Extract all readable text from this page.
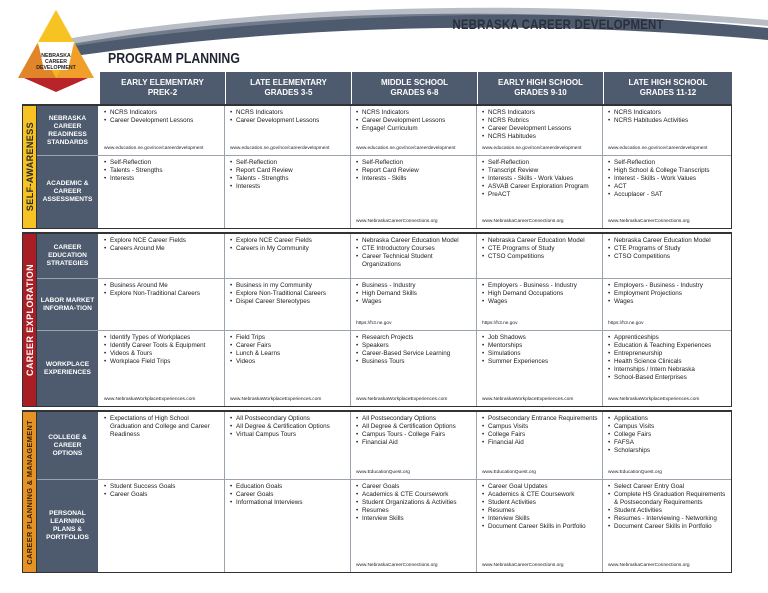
NEBRASKA
CAREER
DEVELOPMENT
NEBRASKA CAREER DEVELOPMENT
PROGRAM PLANNING
EARLY ELEMENTARY
PREK-2
LATE ELEMENTARY
GRADES 3-5
MIDDLE SCHOOL
GRADES 6-8
EARLY HIGH SCHOOL
GRADES 9-10
LATE HIGH SCHOOL
GRADES 11-12
SELF-AWARENESS
NEBRASKA CAREER READINESS STANDARDS
• NCRS Indicators
• Career Development Lessons
www.education.ne.gov/nce/careerdevelopment
• NCRS Indicators
• Career Development Lessons
www.education.ne.gov/nce/careerdevelopment
• NCRS Indicators
• Career Development Lessons
• Engage! Curriculum
www.education.ne.gov/nce/careerdevelopment
• NCRS Indicators
• NCRS Rubrics
• Career Development Lessons
• NCRS Habitudes
www.education.ne.gov/nce/careerdevelopment
• NCRS Indicators
• NCRS Habitudes Activities
www.education.ne.gov/nce/careerdevelopment
ACADEMIC & CAREER ASSESSMENTS
• Self-Reflection
• Talents - Strengths
• Interests
• Self-Reflection
• Report Card Review
• Talents - Strengths
• Interests
• Self-Reflection
• Report Card Review
• Interests - Skills
www.NebraskaCareerConnections.org
• Self-Reflection
• Transcript Review
• Interests - Skills - Work Values
• ASVAB Career Exploration Program
• PreACT
www.NebraskaCareerConnections.org
• Self-Reflection
• High School & College Transcripts
• Interest - Skills - Work Values
• ACT
• Accuplacer - SAT
www.NebraskaCareerConnections.org
CAREER EXPLORATION
CAREER EDUCATION STRATEGIES
• Explore NCE Career Fields
• Careers Around Me
• Explore NCE Career Fields
• Careers in My Community
• Nebraska Career Education Model
• CTE Introductory Courses
• Career Technical Student Organizations
• Nebraska Career Education Model
• CTE Programs of Study
• CTSO Competitions
• Nebraska Career Education Model
• CTE Programs of Study
• CTSO Competitions
LABOR MARKET INFORMA-TION
• Business Around Me
• Explore Non-Traditional Careers
• Business in my Community
• Explore Non-Traditional Careers
• Dispel Career Stereotypes
• Business - Industry
• High Demand Skills
• Wages
https://h3.ne.gov
• Employers - Business - Industry
• High Demand Occupations
• Wages
https://h3.ne.gov
• Employers - Business - Industry
• Employment Projections
• Wages
https://h3.ne.gov
WORKPLACE EXPERIENCES
• Identify Types of Workplaces
• Identify Career Tools & Equipment
• Videos & Tours
• Workplace Field Trips
www.NebraskaWorkplaceExperiences.com
• Field Trips
• Career Fairs
• Lunch & Learns
• Videos
www.NebraskaWorkplaceExperiences.com
• Research Projects
• Speakers
• Career-Based Service Learning
• Business Tours
www.NebraskaWorkplaceExperiences.com
• Job Shadows
• Mentorships
• Simulations
• Summer Experiences
www.NebraskaWorkplaceExperiences.com
• Apprenticeships
• Education & Teaching Experiences
• Entrepreneurship
• Health Science Clinicals
• Internships / Intern Nebraska
• School-Based Enterprises
www.NebraskaWorkplaceExperiences.com
CAREER PLANNING & MANAGEMENT	COLLEGE & CAREER OPTIONS
• Expectations of High School Graduation and College and Career Readiness
• All Postsecondary Options
• All Degree & Certification Options
• Virtual Campus Tours
• All Postsecondary Options
• All Degree & Certification Options
• Campus Tours - College Fairs
• Financial Aid
www.EducationQuest.org
• Postsecondary Entrance Requirements
• Campus Visits
• College Fairs
• Financial Aid
www.EducationQuest.org
• Applications
• Campus Visits
• College Fairs
• FAFSA
• Scholarships
www.EducationQuest.org
PERSONAL LEARNING PLANS & PORTFOLIOS
• Student Success Goals
• Career Goals
• Education Goals
• Career Goals
• Informational Interviews
• Career Goals
• Academics & CTE Coursework
• Student Organizations & Activities
• Resumes
• Interview Skills
www.NebraskaCareerConnections.org
• Career Goal Updates
• Academics & CTE Coursework
• Student Activities
• Resumes
• Interview Skills
• Document Career Skills in Portfolio
www.NebraskaCareerConnections.org
• Select Career Entry Goal
• Complete HS Graduation Requirements & Postsecondary Requirements
• Student Activities
• Resumes - Interviewing - Networking
• Document Career Skills in Portfolio
www.NebraskaCareerConnections.org
